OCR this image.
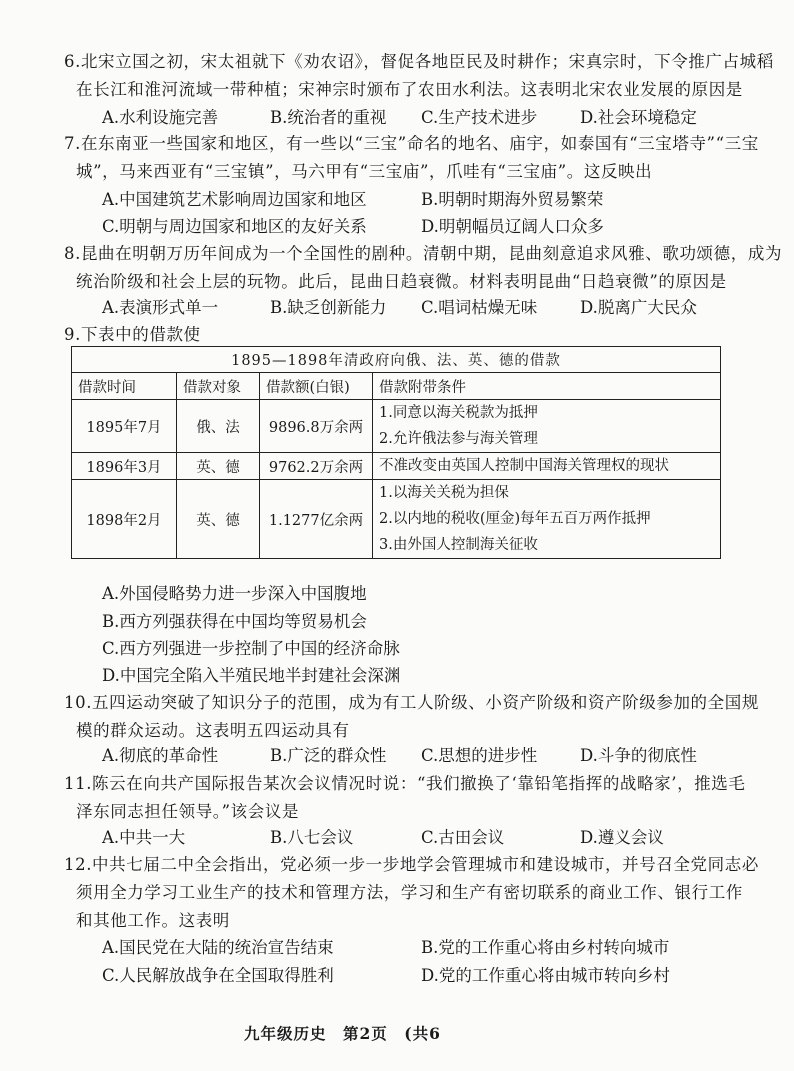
6.北宋立国之初，宋太祖就下《劝农诏》，督促各地臣民及时耕作；宋真宗时，下令推广占城稻
在长江和淮河流域一带种植；宋神宗时颁布了农田水利法。这表明北宋农业发展的原因是
A.水利设施完善	B.统治者的重视 C.生产技术进步	D.社会环境稳定
7.在东南亚一些国家和地区，有一些以“三宝”命名的地名、庙宇，如泰国有“三宝塔寺”“三宝
城”，马来西亚有“三宝镇”，马六甲有“三宝庙”，爪哇有“三宝庙”。这反映出
A.中国建筑艺术影响周边国家和地区	B.明朝时期海外贸易繁荣
C.明朝与周边国家和地区的友好关系	D.明朝幅员辽阔人口众多
8.昆曲在明朝万历年间成为一个全国性的剧种。清朝中期，昆曲刻意追求风雅、歌功颂德，成为
统治阶级和社会上层的玩物。此后，昆曲日趋衰微。材料表明昆曲“日趋衰微”的原因是
A.表演形式单一	B.缺乏创新能力 C.唱词枯燥无味	D.脱离广大民众
9.下表中的借款使
1895—1898年清政府向俄、法、英、德的借款			
借款时间	借款对象	借款额(白银)	借款附带条件
1895年7月	俄、法	9896.8万余两	1.同意以海关税款为抵押
2.允许俄法参与海关管理

1896年3月	英、德	9762.2万余两	不准改变由英国人控制中国海关管理权的现状

1898年2月	英、德	1.1277亿余两	1.以海关关税为担保
2.以内地的税收(厘金)每年五百万两作抵押
3.由外国人控制海关征收
A.外国侵略势力进一步深入中国腹地
B.西方列强获得在中国均等贸易机会
C.西方列强进一步控制了中国的经济命脉
D.中国完全陷入半殖民地半封建社会深渊
10.五四运动突破了知识分子的范围，成为有工人阶级、小资产阶级和资产阶级参加的全国规
模的群众运动。这表明五四运动具有
A.彻底的革命性	B.广泛的群众性 C.思想的进步性	D.斗争的彻底性
11.陈云在向共产国际报告某次会议情况时说：“我们撤换了‘靠铅笔指挥的战略家’，推选毛
泽东同志担任领导。”该会议是
A.中共一大	B.八七会议	C.古田会议	D.遵义会议
12.中共七届二中全会指出，党必须一步一步地学会管理城市和建设城市，并号召全党同志必
须用全力学习工业生产的技术和管理方法，学习和生产有密切联系的商业工作、银行工作
和其他工作。这表明
A.国民党在大陆的统治宣告结束	B.党的工作重心将由乡村转向城市
C.人民解放战争在全国取得胜利	D.党的工作重心将由城市转向乡村
九年级历史　第2页　(共6
